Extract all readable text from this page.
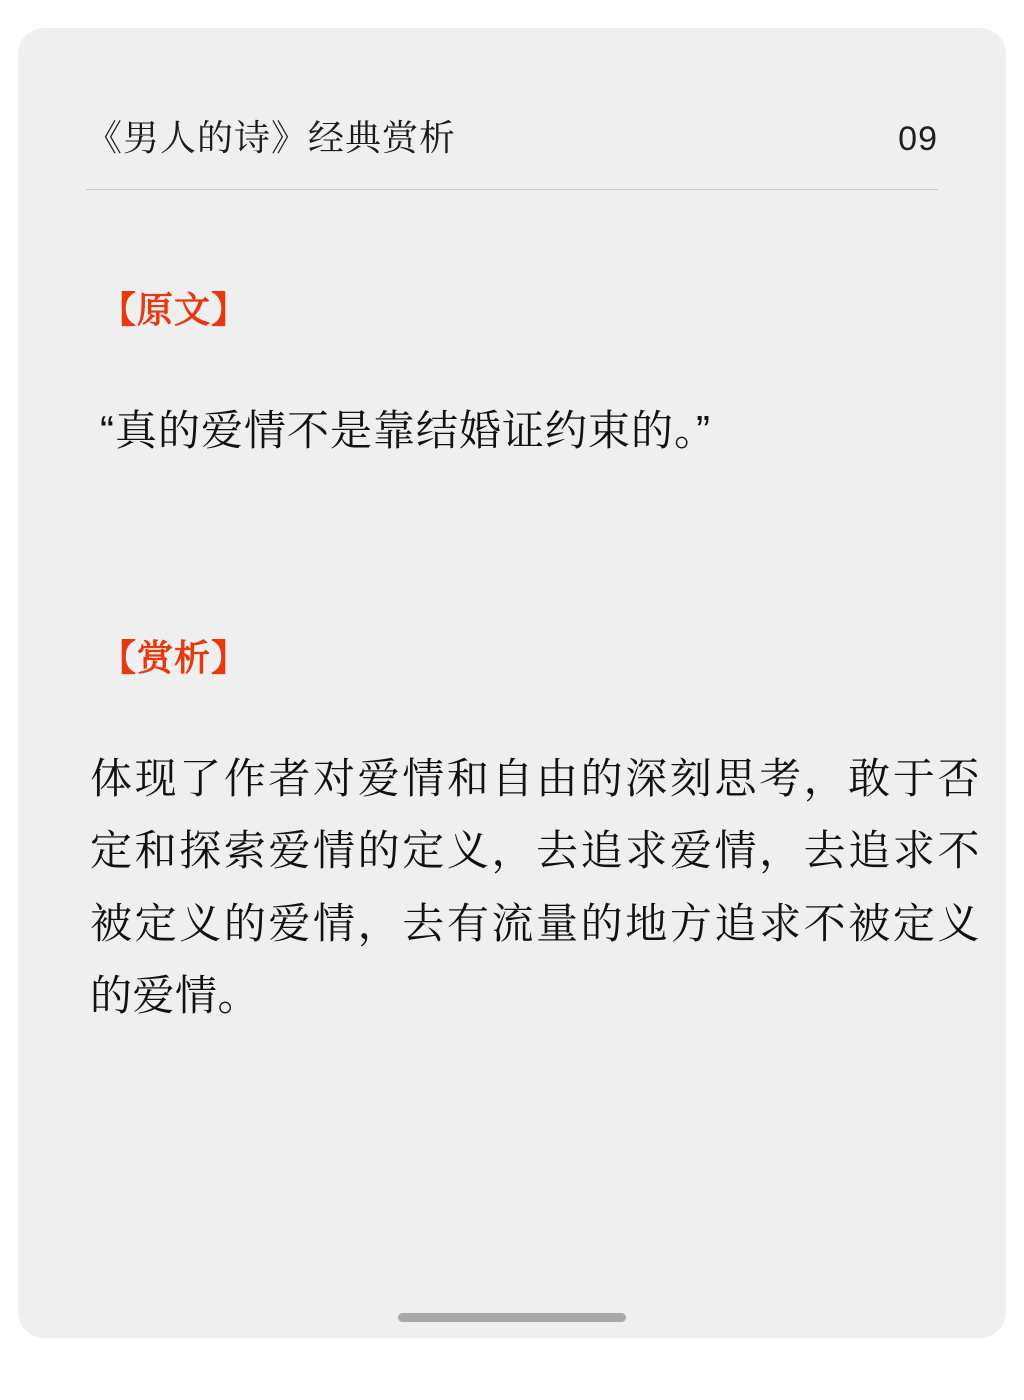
《男人的诗》经典赏析	09
【原文】
“真的爱情不是靠结婚证约束的。”
【赏析】
体现了作者对爱情和自由的深刻思考，敢于否定和探索爱情的定义，去追求爱情，去追求不被定义的爱情，去有流量的地方追求不被定义的爱情。
